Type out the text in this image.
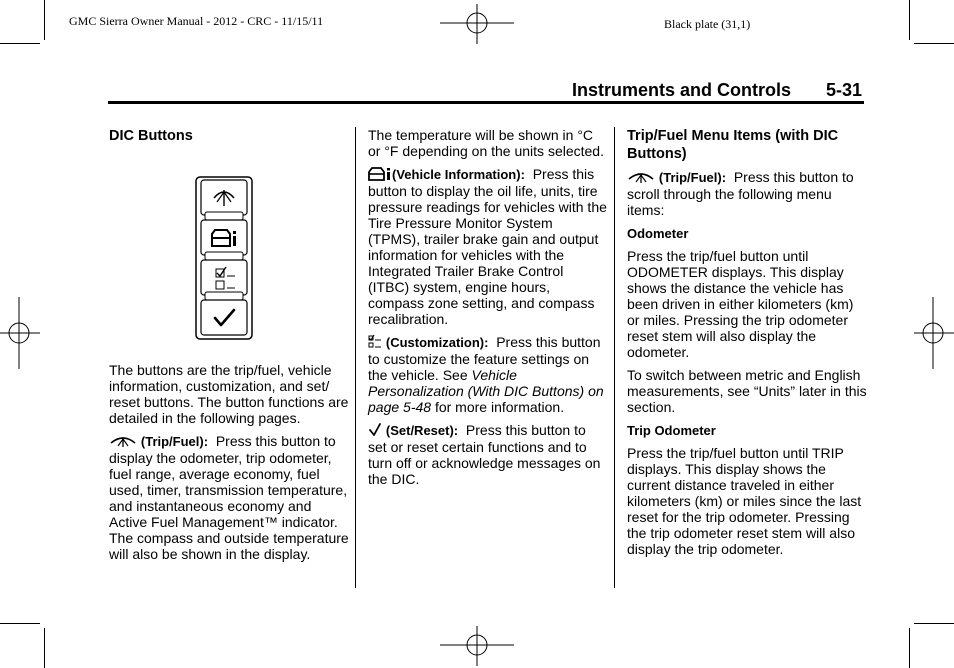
GMC Sierra Owner Manual - 2012 - CRC - 11/15/11	Black plate (31,1)
Instruments and Controls 5-31

DIC Buttons

The buttons are the trip/fuel, vehicle information, customization, and set/ reset buttons. The button functions are detailed in the following pages.

(Trip/Fuel): Press this button to display the odometer, trip odometer, fuel range, average economy, fuel used, timer, transmission temperature, and instantaneous economy and Active Fuel Management™ indicator. The compass and outside temperature will also be shown in the display.

The temperature will be shown in °C or °F depending on the units selected.

(Vehicle Information): Press this button to display the oil life, units, tire pressure readings for vehicles with the Tire Pressure Monitor System (TPMS), trailer brake gain and output information for vehicles with the Integrated Trailer Brake Control (ITBC) system, engine hours, compass zone setting, and compass recalibration.

(Customization): Press this button to customize the feature settings on the vehicle. See Vehicle Personalization (With DIC Buttons) on page 5-48 for more information.

(Set/Reset): Press this button to set or reset certain functions and to turn off or acknowledge messages on the DIC.

Trip/Fuel Menu Items (with DIC Buttons)

(Trip/Fuel): Press this button to scroll through the following menu items:

Odometer

Press the trip/fuel button until ODOMETER displays. This display shows the distance the vehicle has been driven in either kilometers (km) or miles. Pressing the trip odometer reset stem will also display the odometer.

To switch between metric and English measurements, see “Units” later in this section.

Trip Odometer

Press the trip/fuel button until TRIP displays. This display shows the current distance traveled in either kilometers (km) or miles since the last reset for the trip odometer. Pressing the trip odometer reset stem will also display the trip odometer.
